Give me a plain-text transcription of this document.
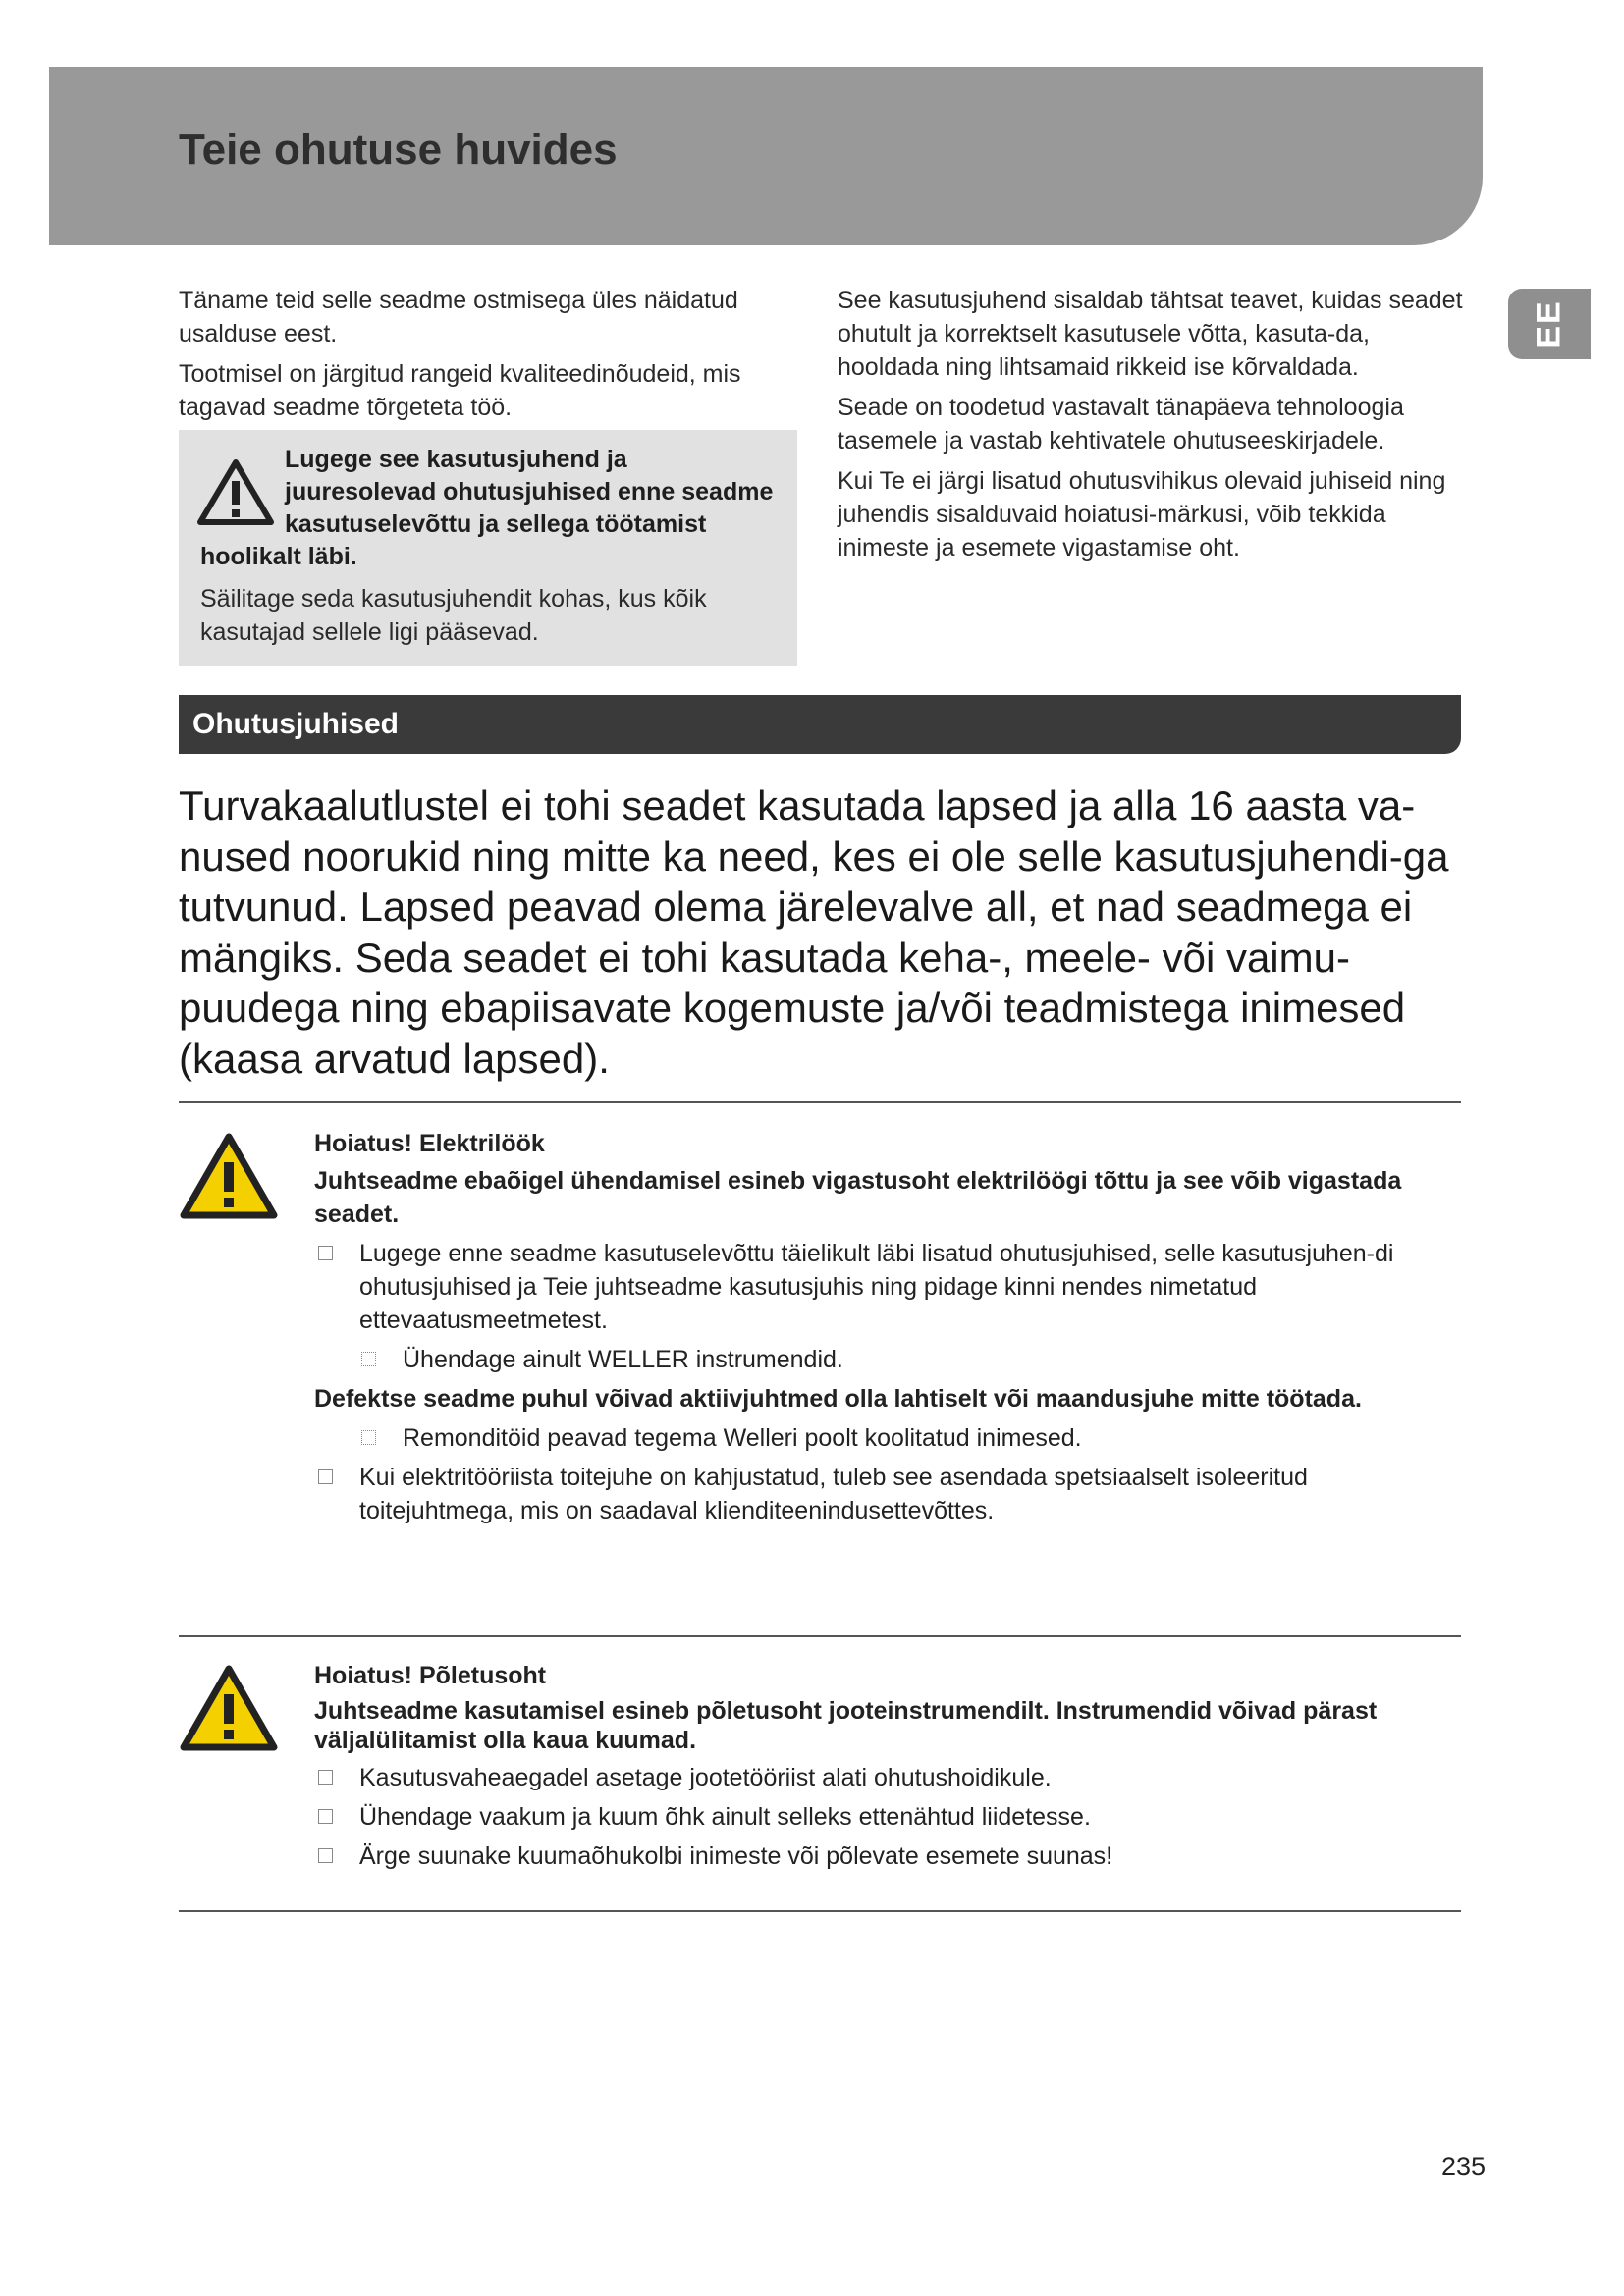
Teie ohutuse huvides
EE

Täname teid selle seadme ostmisega üles näidatud usalduse eest.

Tootmisel on järgitud rangeid kvaliteedinõudeid, mis tagavad seadme tõrgeteta töö.

Lugege see kasutusjuhend ja juuresolevad ohutusjuhised enne seadme kasutuselevõttu ja sellega töötamist hoolikalt läbi.

Säilitage seda kasutusjuhendit kohas, kus kõik kasutajad sellele ligi pääsevad.

See kasutusjuhend sisaldab tähtsat teavet, kuidas seadet ohutult ja korrektselt kasutusele võtta, kasuta-da, hooldada ning lihtsamaid rikkeid ise kõrvaldada.

Seade on toodetud vastavalt tänapäeva tehnoloogia tasemele ja vastab kehtivatele ohutuseeskirjadele.

Kui Te ei järgi lisatud ohutusvihikus olevaid juhiseid ning juhendis sisalduvaid hoiatusi-märkusi, võib tekkida inimeste ja esemete vigastamise oht.

Ohutusjuhised

Turvakaalutlustel ei tohi seadet kasutada lapsed ja alla 16 aasta va-nused noorukid ning mitte ka need, kes ei ole selle kasutusjuhendi-ga tutvunud. Lapsed peavad olema järelevalve all, et nad seadmega ei mängiks. Seda seadet ei tohi kasutada keha-, meele- või vaimu-puudega ning ebapiisavate kogemuste ja/või teadmistega inimesed (kaasa arvatud lapsed).

Hoiatus! Elektrilöök

Juhtseadme ebaõigel ühendamisel esineb vigastusoht elektrilöögi tõttu ja see võib vigastada seadet.

Lugege enne seadme kasutuselevõttu täielikult läbi lisatud ohutusjuhised, selle kasutusjuhen-di ohutusjuhised ja Teie juhtseadme kasutusjuhis ning pidage kinni nendes nimetatud ettevaatusmeetmetest.
Ühendage ainult WELLER instrumendid.

Defektse seadme puhul võivad aktiivjuhtmed olla lahtiselt või maandusjuhe mitte töötada.

Remonditöid peavad tegema Welleri poolt koolitatud inimesed.
Kui elektritööriista toitejuhe on kahjustatud, tuleb see asendada spetsiaalselt isoleeritud toitejuhtmega, mis on saadaval klienditeenindusettevõttes.

Hoiatus! Põletusoht

Juhtseadme kasutamisel esineb põletusoht jooteinstrumendilt. Instrumendid võivad pärast väljalülitamist olla kaua kuumad.

Kasutusvaheaegadel asetage jootetööriist alati ohutushoidikule.
Ühendage vaakum ja kuum õhk ainult selleks ettenähtud liidetesse.
Ärge suunake kuumaõhukolbi inimeste või põlevate esemete suunas!
235
